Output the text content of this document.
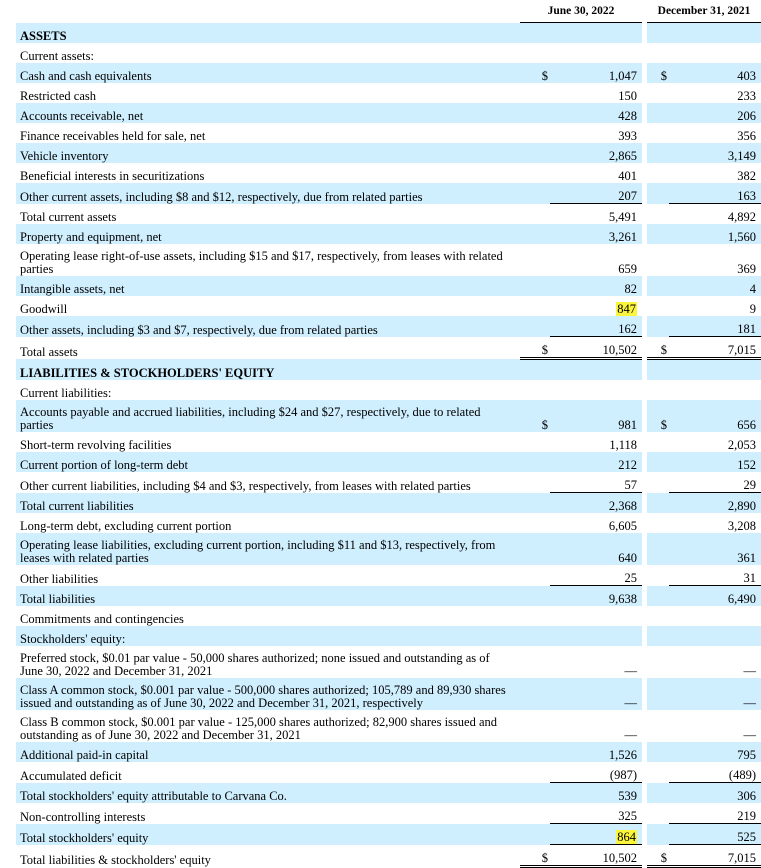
	June 30, 2022			December 31, 2021	
ASSETS					
Current assets:					
Cash and cash equivalents	$	1,047		$	403
Restricted cash		150			233
Accounts receivable, net		428			206
Finance receivables held for sale, net		393			356
Vehicle inventory		2,865			3,149
Beneficial interests in securitizations		401			382
Other current assets, including $8 and $12, respectively, due from related parties		207			163
Total current assets		5,491			4,892
Property and equipment, net		3,261			1,560
Operating lease right-of-use assets, including $15 and $17, respectively, from leases with related parties		659			369
Intangible assets, net		82			4
Goodwill		847			9
Other assets, including $3 and $7, respectively, due from related parties		162			181
Total assets	$	10,502		$	7,015
LIABILITIES & STOCKHOLDERS' EQUITY					
Current liabilities:					
Accounts payable and accrued liabilities, including $24 and $27, respectively, due to related parties	$	981		$	656
Short-term revolving facilities		1,118			2,053
Current portion of long-term debt		212			152
Other current liabilities, including $4 and $3, respectively, from leases with related parties		57			29
Total current liabilities		2,368			2,890
Long-term debt, excluding current portion		6,605			3,208
Operating lease liabilities, excluding current portion, including $11 and $13, respectively, from leases with related parties		640			361
Other liabilities		25			31
Total liabilities		9,638			6,490
Commitments and contingencies					
Stockholders' equity:					
Preferred stock, $0.01 par value - 50,000 shares authorized; none issued and outstanding as of June 30, 2022 and December 31, 2021		—			—
Class A common stock, $0.001 par value - 500,000 shares authorized; 105,789 and 89,930 shares issued and outstanding as of June 30, 2022 and December 31, 2021, respectively		—			—
Class B common stock, $0.001 par value - 125,000 shares authorized; 82,900 shares issued and outstanding as of June 30, 2022 and December 31, 2021		—			—
Additional paid-in capital		1,526			795
Accumulated deficit		(987)			(489)
Total stockholders' equity attributable to Carvana Co.		539			306
Non-controlling interests		325			219
Total stockholders' equity		864			525
Total liabilities & stockholders' equity	$	10,502		$	7,015
